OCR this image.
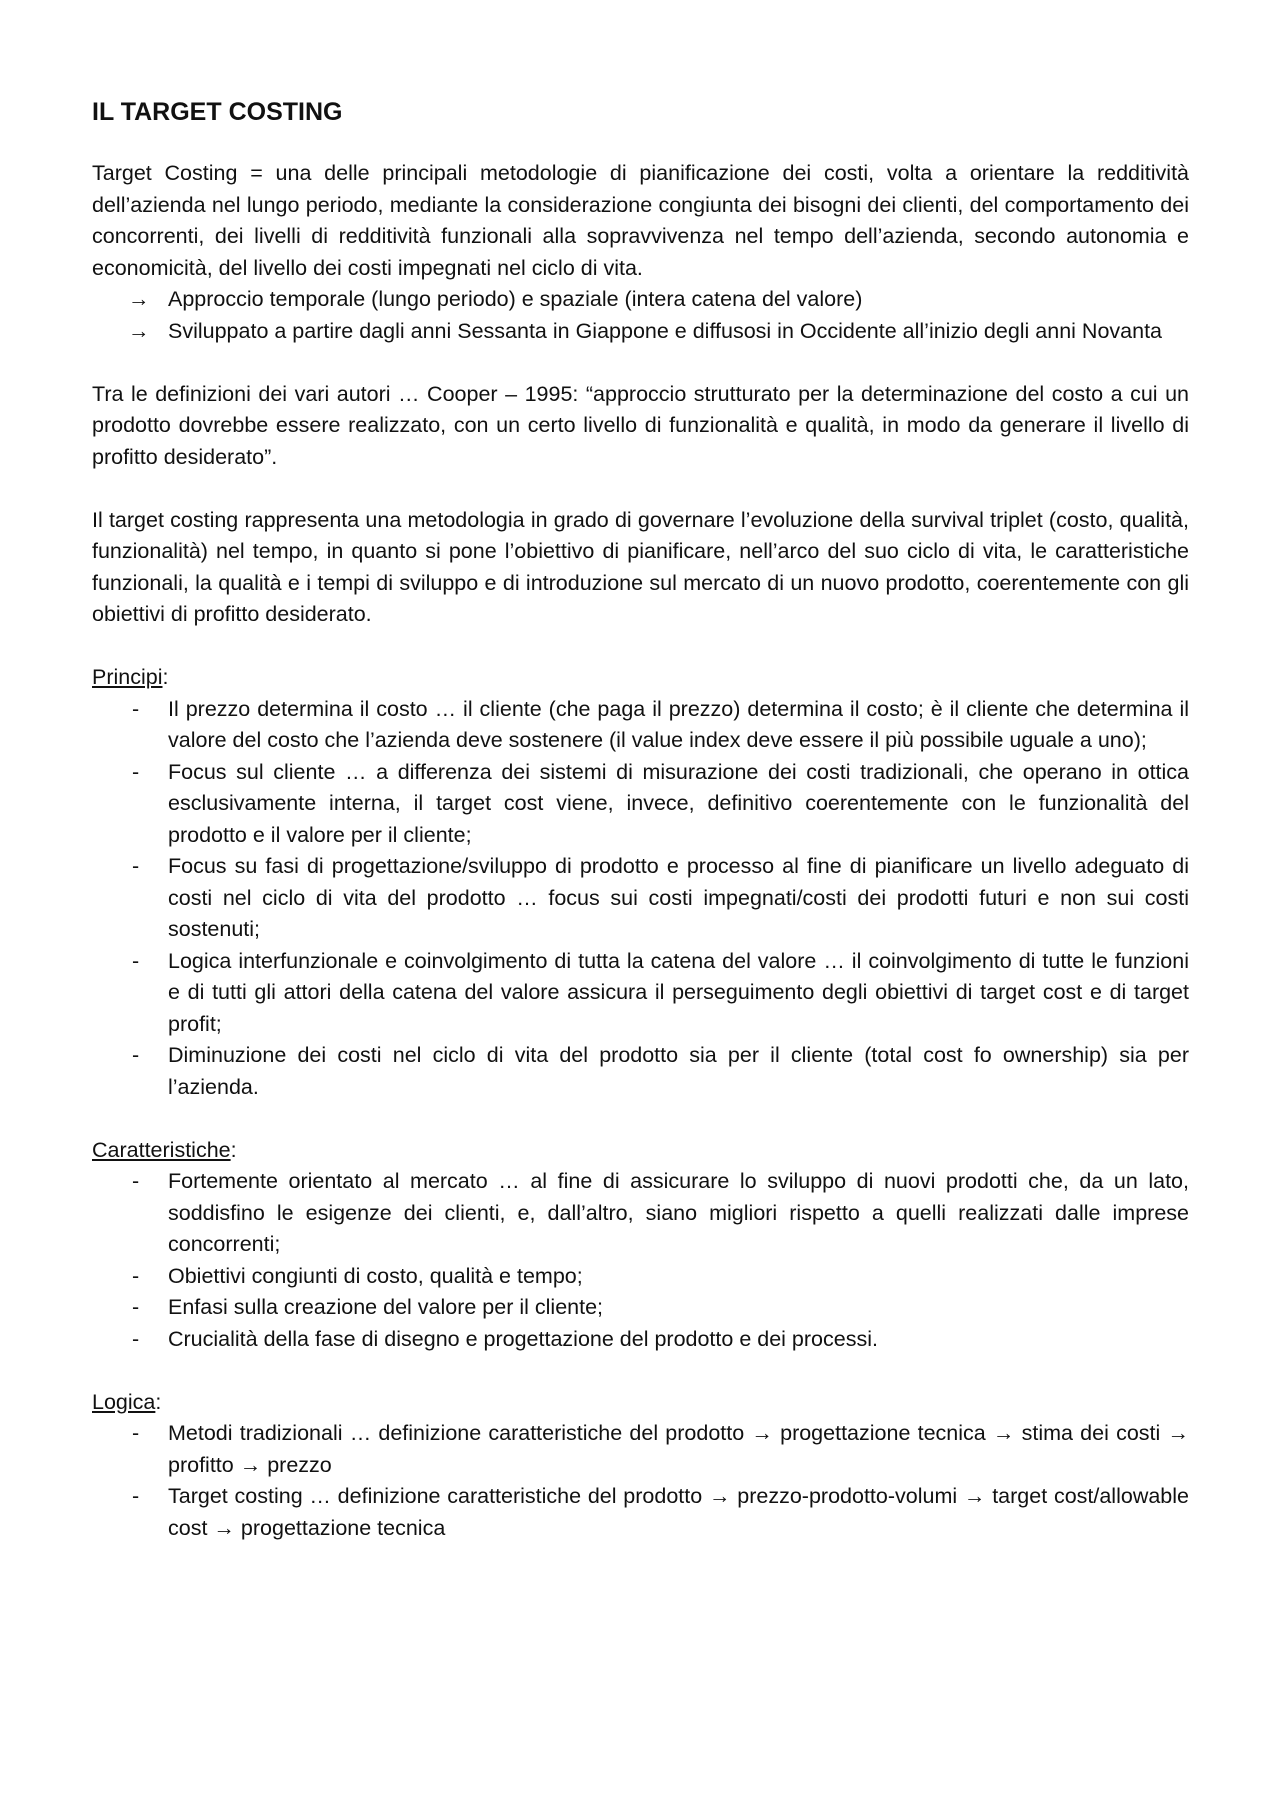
IL TARGET COSTING

Target Costing = una delle principali metodologie di pianificazione dei costi, volta a orientare la redditività dell’azienda nel lungo periodo, mediante la considerazione congiunta dei bisogni dei clienti, del comportamento dei concorrenti, dei livelli di redditività funzionali alla sopravvivenza nel tempo dell’azienda, secondo autonomia e economicità, del livello dei costi impegnati nel ciclo di vita.

→ Approccio temporale (lungo periodo) e spaziale (intera catena del valore)
→ Sviluppato a partire dagli anni Sessanta in Giappone e diffusosi in Occidente all’inizio degli anni Novanta

Tra le definizioni dei vari autori … Cooper – 1995: “approccio strutturato per la determinazione del costo a cui un prodotto dovrebbe essere realizzato, con un certo livello di funzionalità e qualità, in modo da generare il livello di profitto desiderato”.

Il target costing rappresenta una metodologia in grado di governare l’evoluzione della survival triplet (costo, qualità, funzionalità) nel tempo, in quanto si pone l’obiettivo di pianificare, nell’arco del suo ciclo di vita, le caratteristiche funzionali, la qualità e i tempi di sviluppo e di introduzione sul mercato di un nuovo prodotto, coerentemente con gli obiettivi di profitto desiderato.

Principi:

- Il prezzo determina il costo … il cliente (che paga il prezzo) determina il costo; è il cliente che determina il valore del costo che l’azienda deve sostenere (il value index deve essere il più possibile uguale a uno);
- Focus sul cliente … a differenza dei sistemi di misurazione dei costi tradizionali, che operano in ottica esclusivamente interna, il target cost viene, invece, definitivo coerentemente con le funzionalità del prodotto e il valore per il cliente;
- Focus su fasi di progettazione/sviluppo di prodotto e processo al fine di pianificare un livello adeguato di costi nel ciclo di vita del prodotto … focus sui costi impegnati/costi dei prodotti futuri e non sui costi sostenuti;
- Logica interfunzionale e coinvolgimento di tutta la catena del valore … il coinvolgimento di tutte le funzioni e di tutti gli attori della catena del valore assicura il perseguimento degli obiettivi di target cost e di target profit;
- Diminuzione dei costi nel ciclo di vita del prodotto sia per il cliente (total cost fo ownership) sia per l’azienda.

Caratteristiche:

- Fortemente orientato al mercato … al fine di assicurare lo sviluppo di nuovi prodotti che, da un lato, soddisfino le esigenze dei clienti, e, dall’altro, siano migliori rispetto a quelli realizzati dalle imprese concorrenti;
- Obiettivi congiunti di costo, qualità e tempo;
- Enfasi sulla creazione del valore per il cliente;
- Crucialità della fase di disegno e progettazione del prodotto e dei processi.

Logica:

- Metodi tradizionali … definizione caratteristiche del prodotto → progettazione tecnica → stima dei costi → profitto → prezzo
- Target costing … definizione caratteristiche del prodotto → prezzo-prodotto-volumi → target cost/allowable cost → progettazione tecnica
